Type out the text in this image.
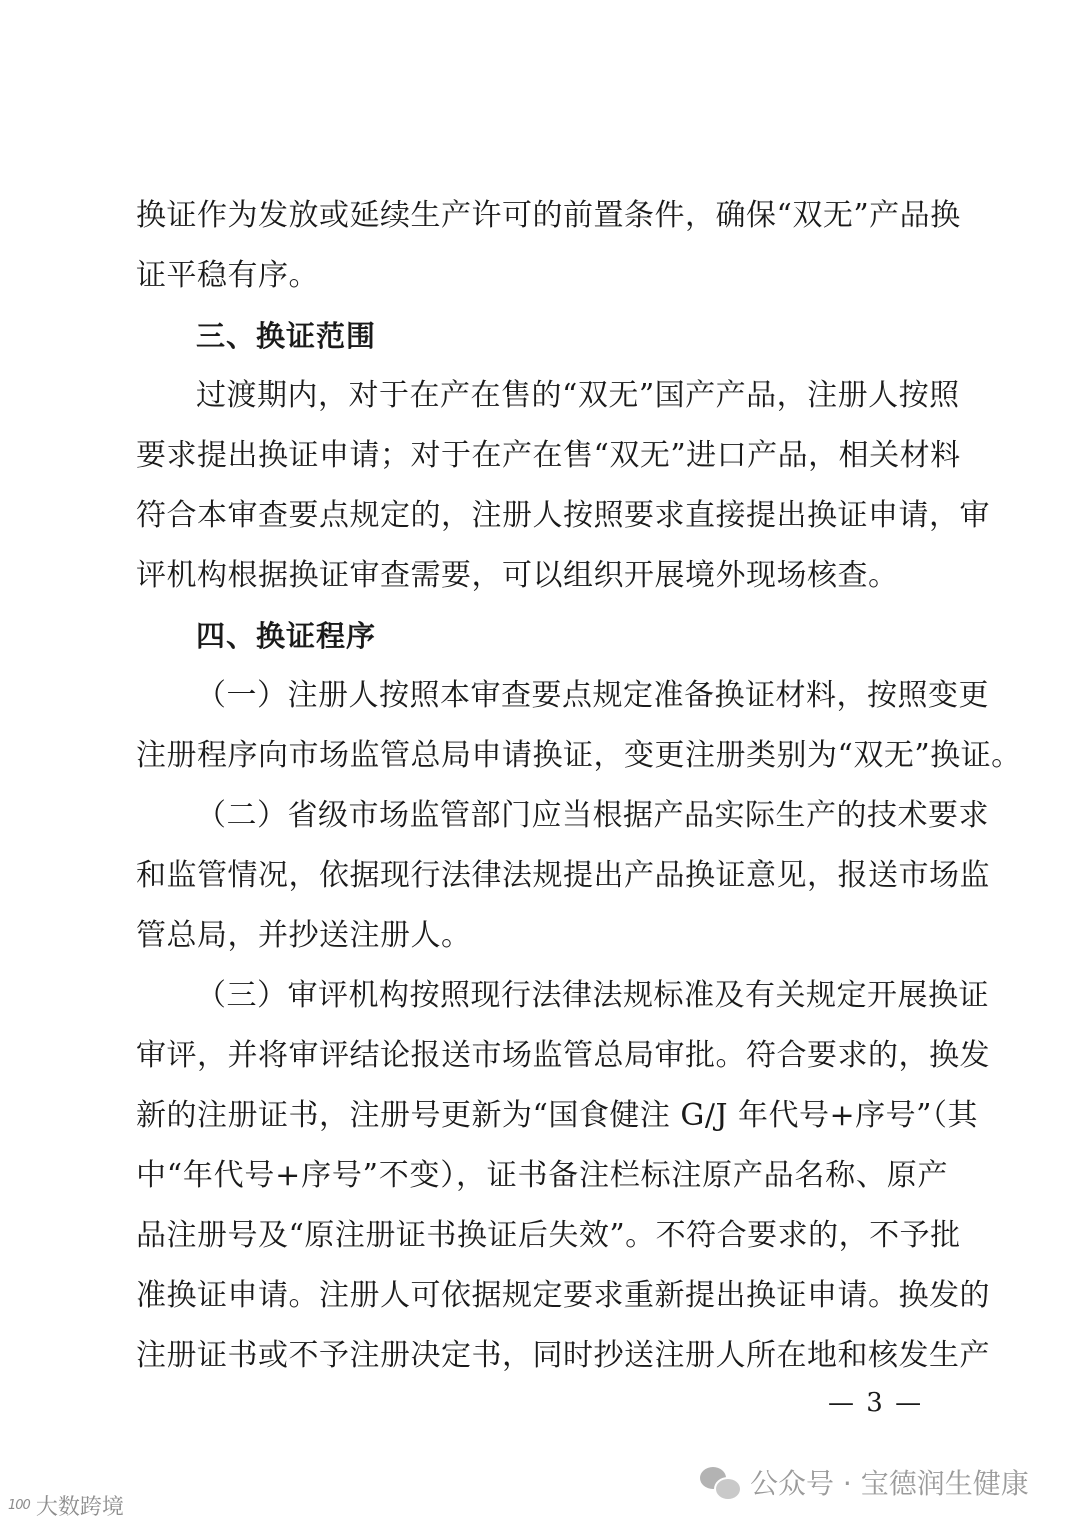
换证作为发放或延续生产许可的前置条件，确保“双无”产品换
证平稳有序。
三、换证范围
过渡期内，对于在产在售的“双无”国产产品，注册人按照
要求提出换证申请；对于在产在售“双无”进口产品，相关材料
符合本审查要点规定的，注册人按照要求直接提出换证申请，审
评机构根据换证审查需要，可以组织开展境外现场核查。
四、换证程序
（一）注册人按照本审查要点规定准备换证材料，按照变更
注册程序向市场监管总局申请换证，变更注册类别为“双无”换证。
（二）省级市场监管部门应当根据产品实际生产的技术要求
和监管情况，依据现行法律法规提出产品换证意见，报送市场监
管总局，并抄送注册人。
（三）审评机构按照现行法律法规标准及有关规定开展换证
审评，并将审评结论报送市场监管总局审批。符合要求的，换发
新的注册证书，注册号更新为“国食健注 G/J 年代号+序号”（其
中“年代号+序号”不变），证书备注栏标注原产品名称、原产
品注册号及“原注册证书换证后失效”。不符合要求的，不予批
准换证申请。注册人可依据规定要求重新提出换证申请。换发的
注册证书或不予注册决定书，同时抄送注册人所在地和核发生产
— 3 —
公众号 · 宝德润生健康
100 大数跨境
